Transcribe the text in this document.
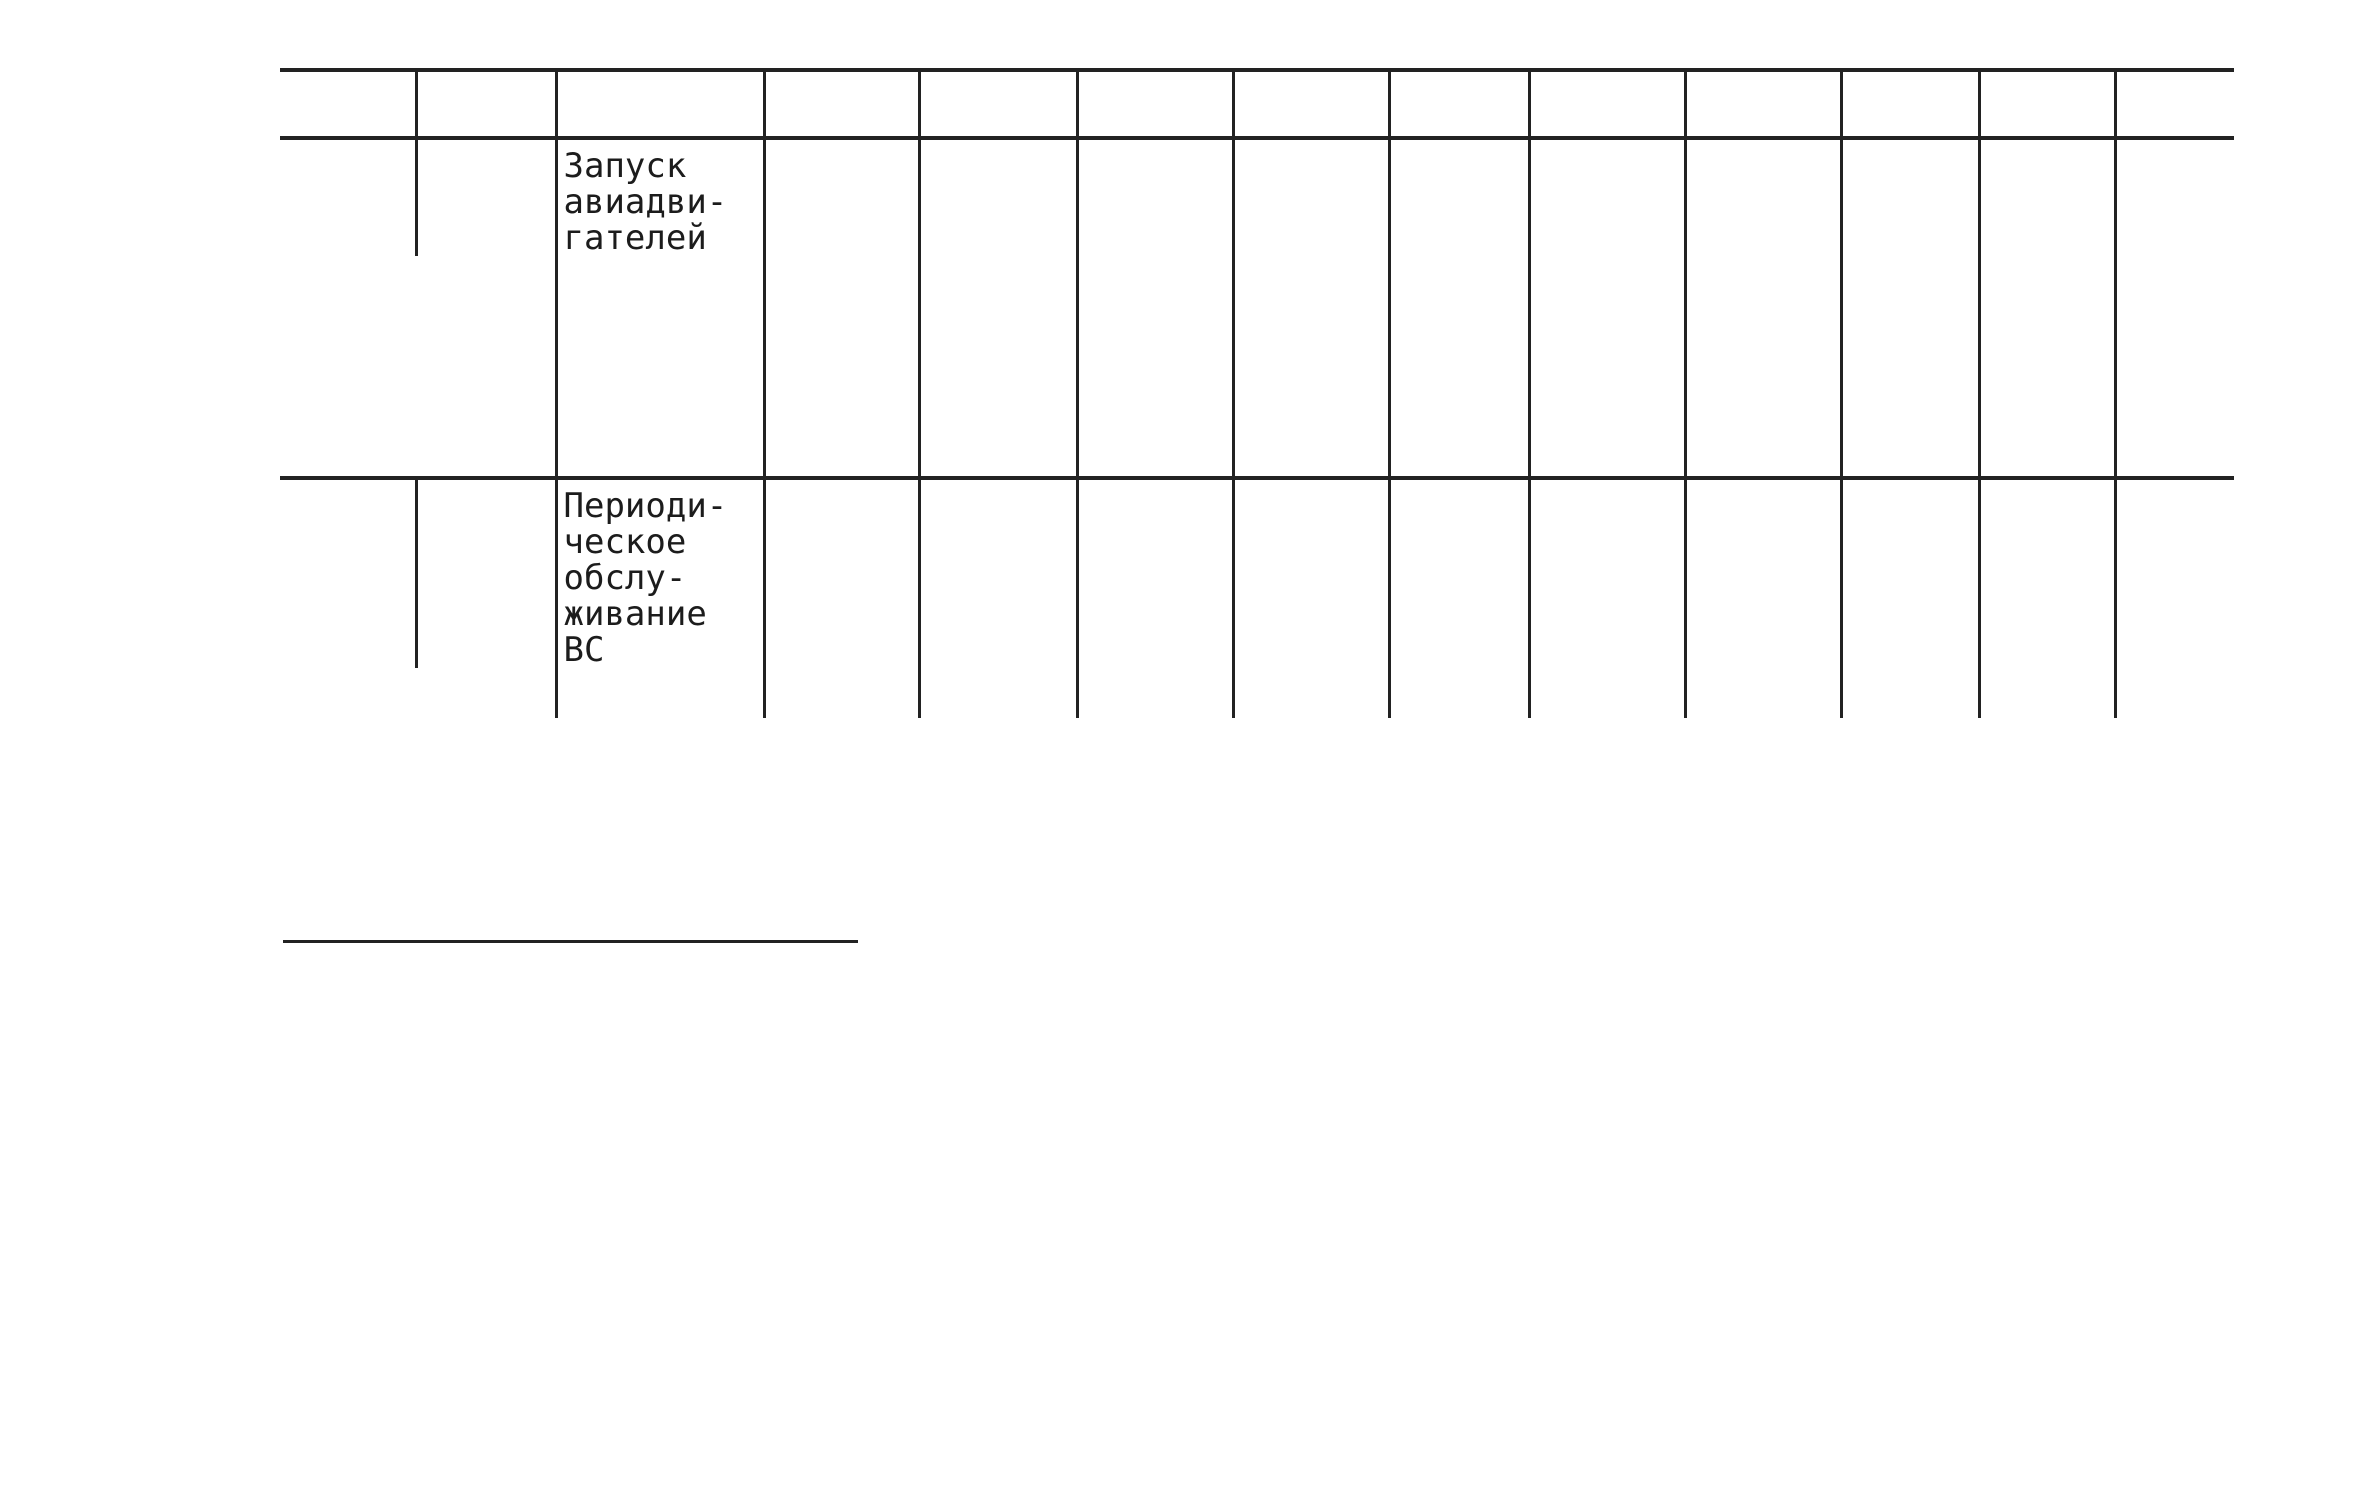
		Запуск
авиадви-
гателей										

		Периоди-
ческое
обслу-
живание
ВС										
